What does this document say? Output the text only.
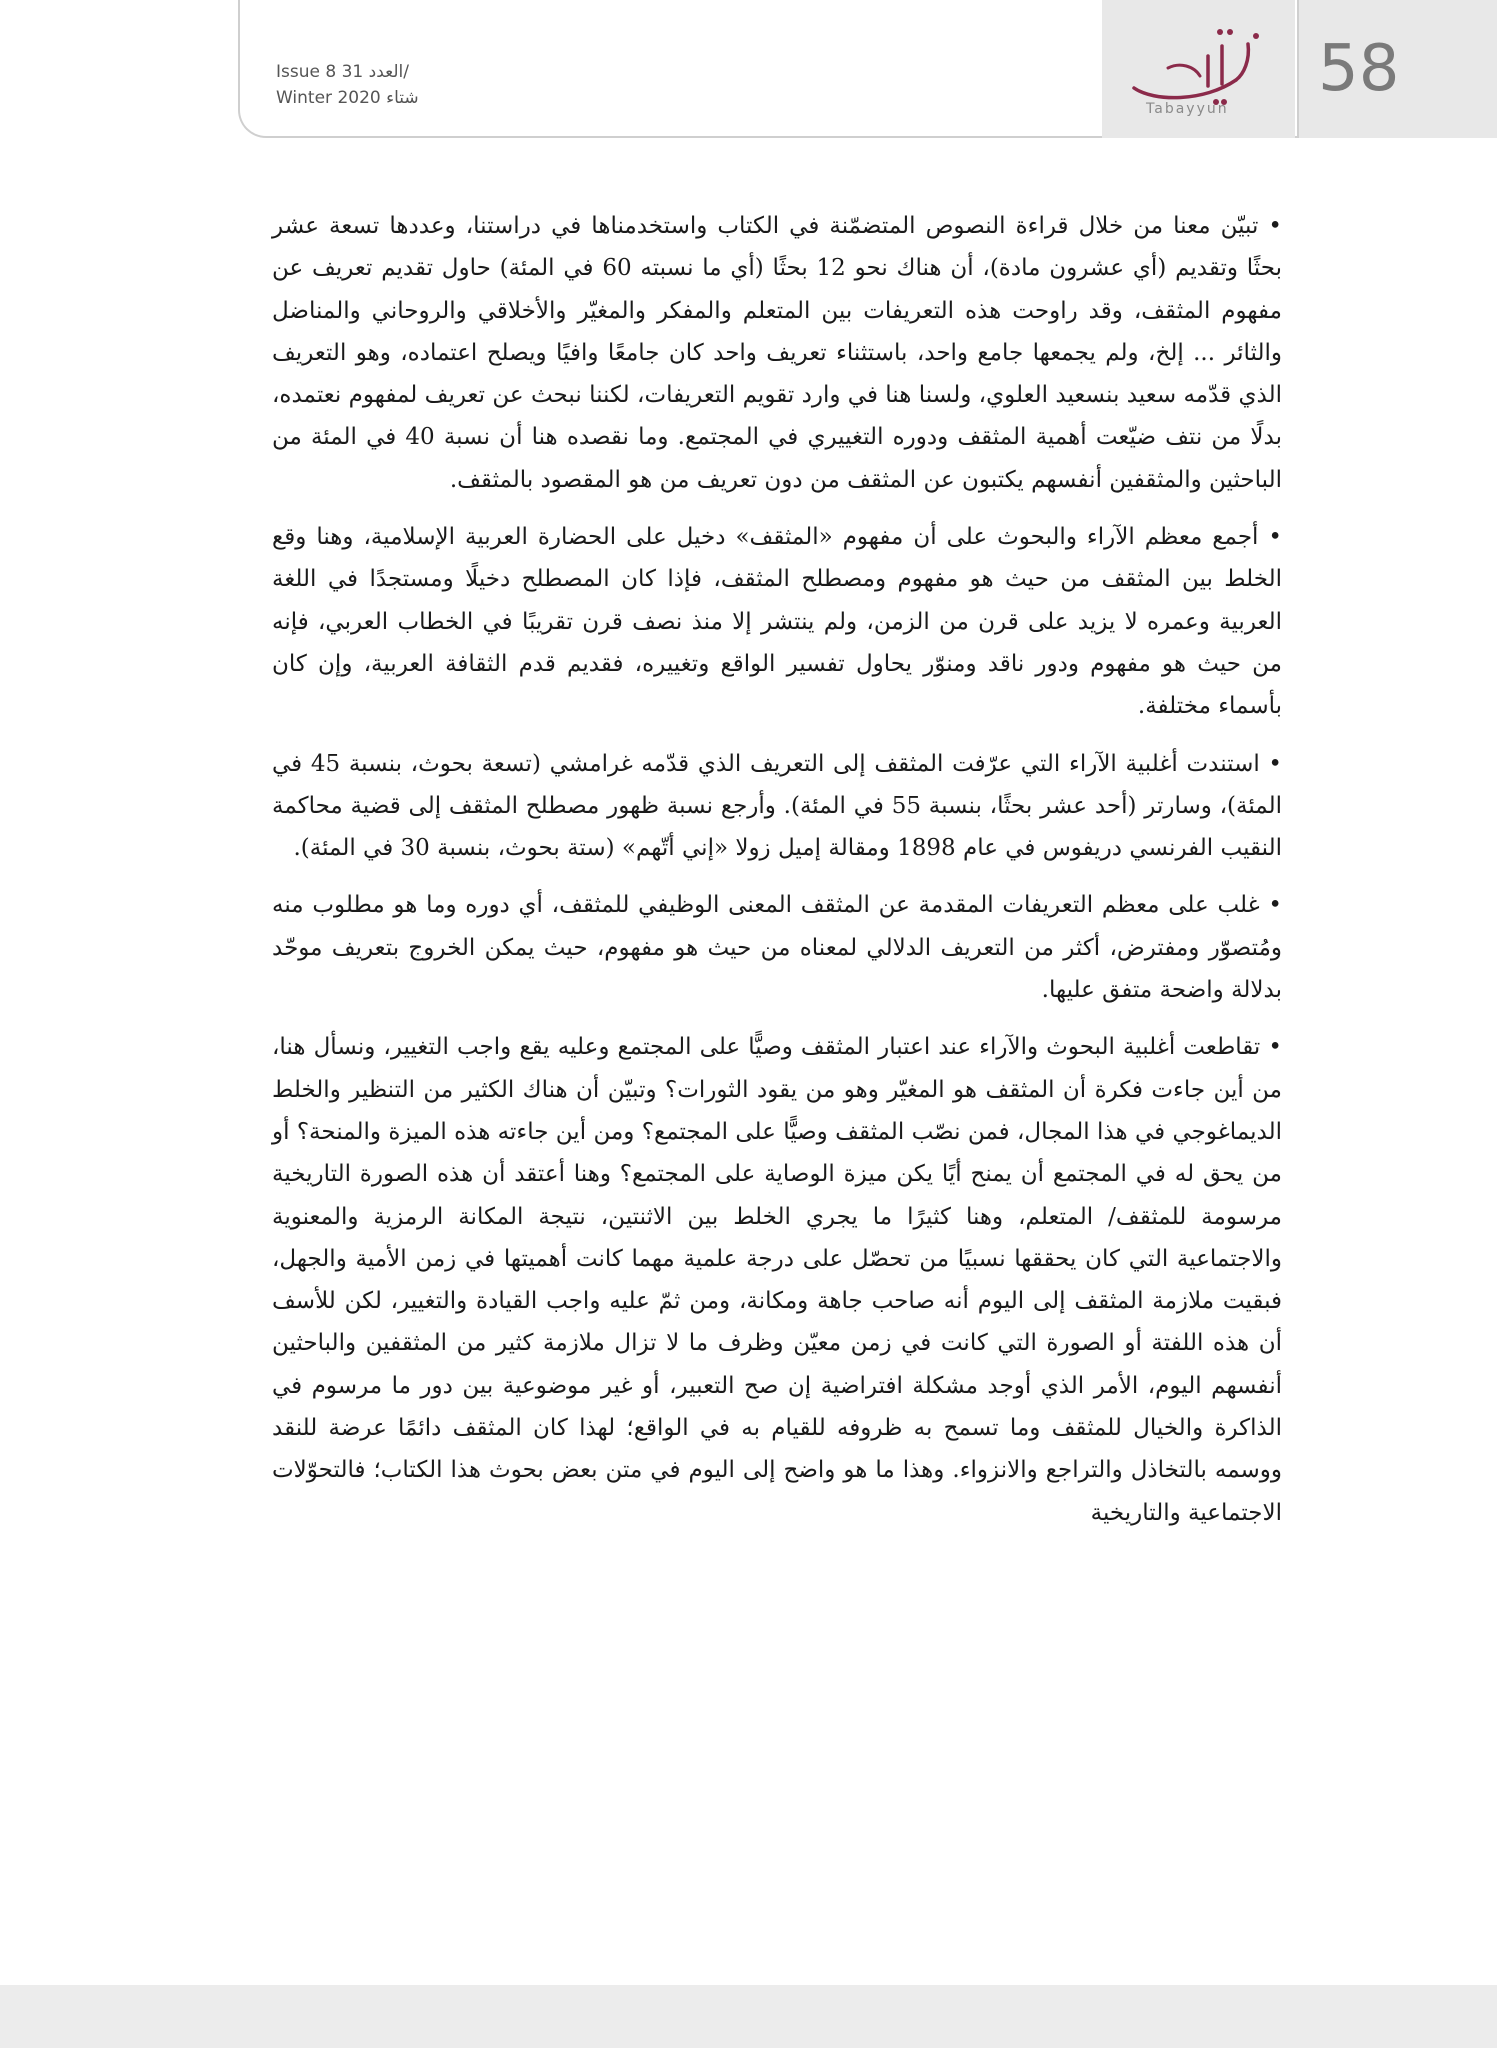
Issue 8 العدد 31/
Winter 2020 شتاء
Tabayyun
58

• تبيّن معنا من خلال قراءة النصوص المتضمّنة في الكتاب واستخدمناها في دراستنا، وعددها تسعة عشر بحثًا وتقديم (أي عشرون مادة)، أن هناك نحو 12 بحثًا (أي ما نسبته 60 في المئة) حاول تقديم تعريف عن مفهوم المثقف، وقد راوحت هذه التعريفات بين المتعلم والمفكر والمغيّر والأخلاقي والروحاني والمناضل والثائر ... إلخ، ولم يجمعها جامع واحد، باستثناء تعريف واحد كان جامعًا وافيًا ويصلح اعتماده، وهو التعريف الذي قدّمه سعيد بنسعيد العلوي، ولسنا هنا في وارد تقويم التعريفات، لكننا نبحث عن تعريف لمفهوم نعتمده، بدلًا من نتف ضيّعت أهمية المثقف ودوره التغييري في المجتمع. وما نقصده هنا أن نسبة 40 في المئة من الباحثين والمثقفين أنفسهم يكتبون عن المثقف من دون تعريف من هو المقصود بالمثقف.

• أجمع معظم الآراء والبحوث على أن مفهوم «المثقف» دخيل على الحضارة العربية الإسلامية، وهنا وقع الخلط بين المثقف من حيث هو مفهوم ومصطلح المثقف، فإذا كان المصطلح دخيلًا ومستجدًا في اللغة العربية وعمره لا يزيد على قرن من الزمن، ولم ينتشر إلا منذ نصف قرن تقريبًا في الخطاب العربي، فإنه من حيث هو مفهوم ودور ناقد ومنوّر يحاول تفسير الواقع وتغييره، فقديم قدم الثقافة العربية، وإن كان بأسماء مختلفة.

• استندت أغلبية الآراء التي عرّفت المثقف إلى التعريف الذي قدّمه غرامشي (تسعة بحوث، بنسبة 45 في المئة)، وسارتر (أحد عشر بحثًا، بنسبة 55 في المئة). وأرجع نسبة ظهور مصطلح المثقف إلى قضية محاكمة النقيب الفرنسي دريفوس في عام 1898 ومقالة إميل زولا «إني أتّهم» (ستة بحوث، بنسبة 30 في المئة).

• غلب على معظم التعريفات المقدمة عن المثقف المعنى الوظيفي للمثقف، أي دوره وما هو مطلوب منه ومُتصوّر ومفترض، أكثر من التعريف الدلالي لمعناه من حيث هو مفهوم، حيث يمكن الخروج بتعريف موحّد بدلالة واضحة متفق عليها.

• تقاطعت أغلبية البحوث والآراء عند اعتبار المثقف وصيًّا على المجتمع وعليه يقع واجب التغيير، ونسأل هنا، من أين جاءت فكرة أن المثقف هو المغيّر وهو من يقود الثورات؟ وتبيّن أن هناك الكثير من التنظير والخلط الديماغوجي في هذا المجال، فمن نصّب المثقف وصيًّا على المجتمع؟ ومن أين جاءته هذه الميزة والمنحة؟ أو من يحق له في المجتمع أن يمنح أيًا يكن ميزة الوصاية على المجتمع؟ وهنا أعتقد أن هذه الصورة التاريخية مرسومة للمثقف/ المتعلم، وهنا كثيرًا ما يجري الخلط بين الاثنتين، نتيجة المكانة الرمزية والمعنوية والاجتماعية التي كان يحققها نسبيًا من تحصّل على درجة علمية مهما كانت أهميتها في زمن الأمية والجهل، فبقيت ملازمة المثقف إلى اليوم أنه صاحب جاهة ومكانة، ومن ثمّ عليه واجب القيادة والتغيير، لكن للأسف أن هذه اللفتة أو الصورة التي كانت في زمن معيّن وظرف ما لا تزال ملازمة كثير من المثقفين والباحثين أنفسهم اليوم، الأمر الذي أوجد مشكلة افتراضية إن صح التعبير، أو غير موضوعية بين دور ما مرسوم في الذاكرة والخيال للمثقف وما تسمح به ظروفه للقيام به في الواقع؛ لهذا كان المثقف دائمًا عرضة للنقد ووسمه بالتخاذل والتراجع والانزواء. وهذا ما هو واضح إلى اليوم في متن بعض بحوث هذا الكتاب؛ فالتحوّلات الاجتماعية والتاريخية
